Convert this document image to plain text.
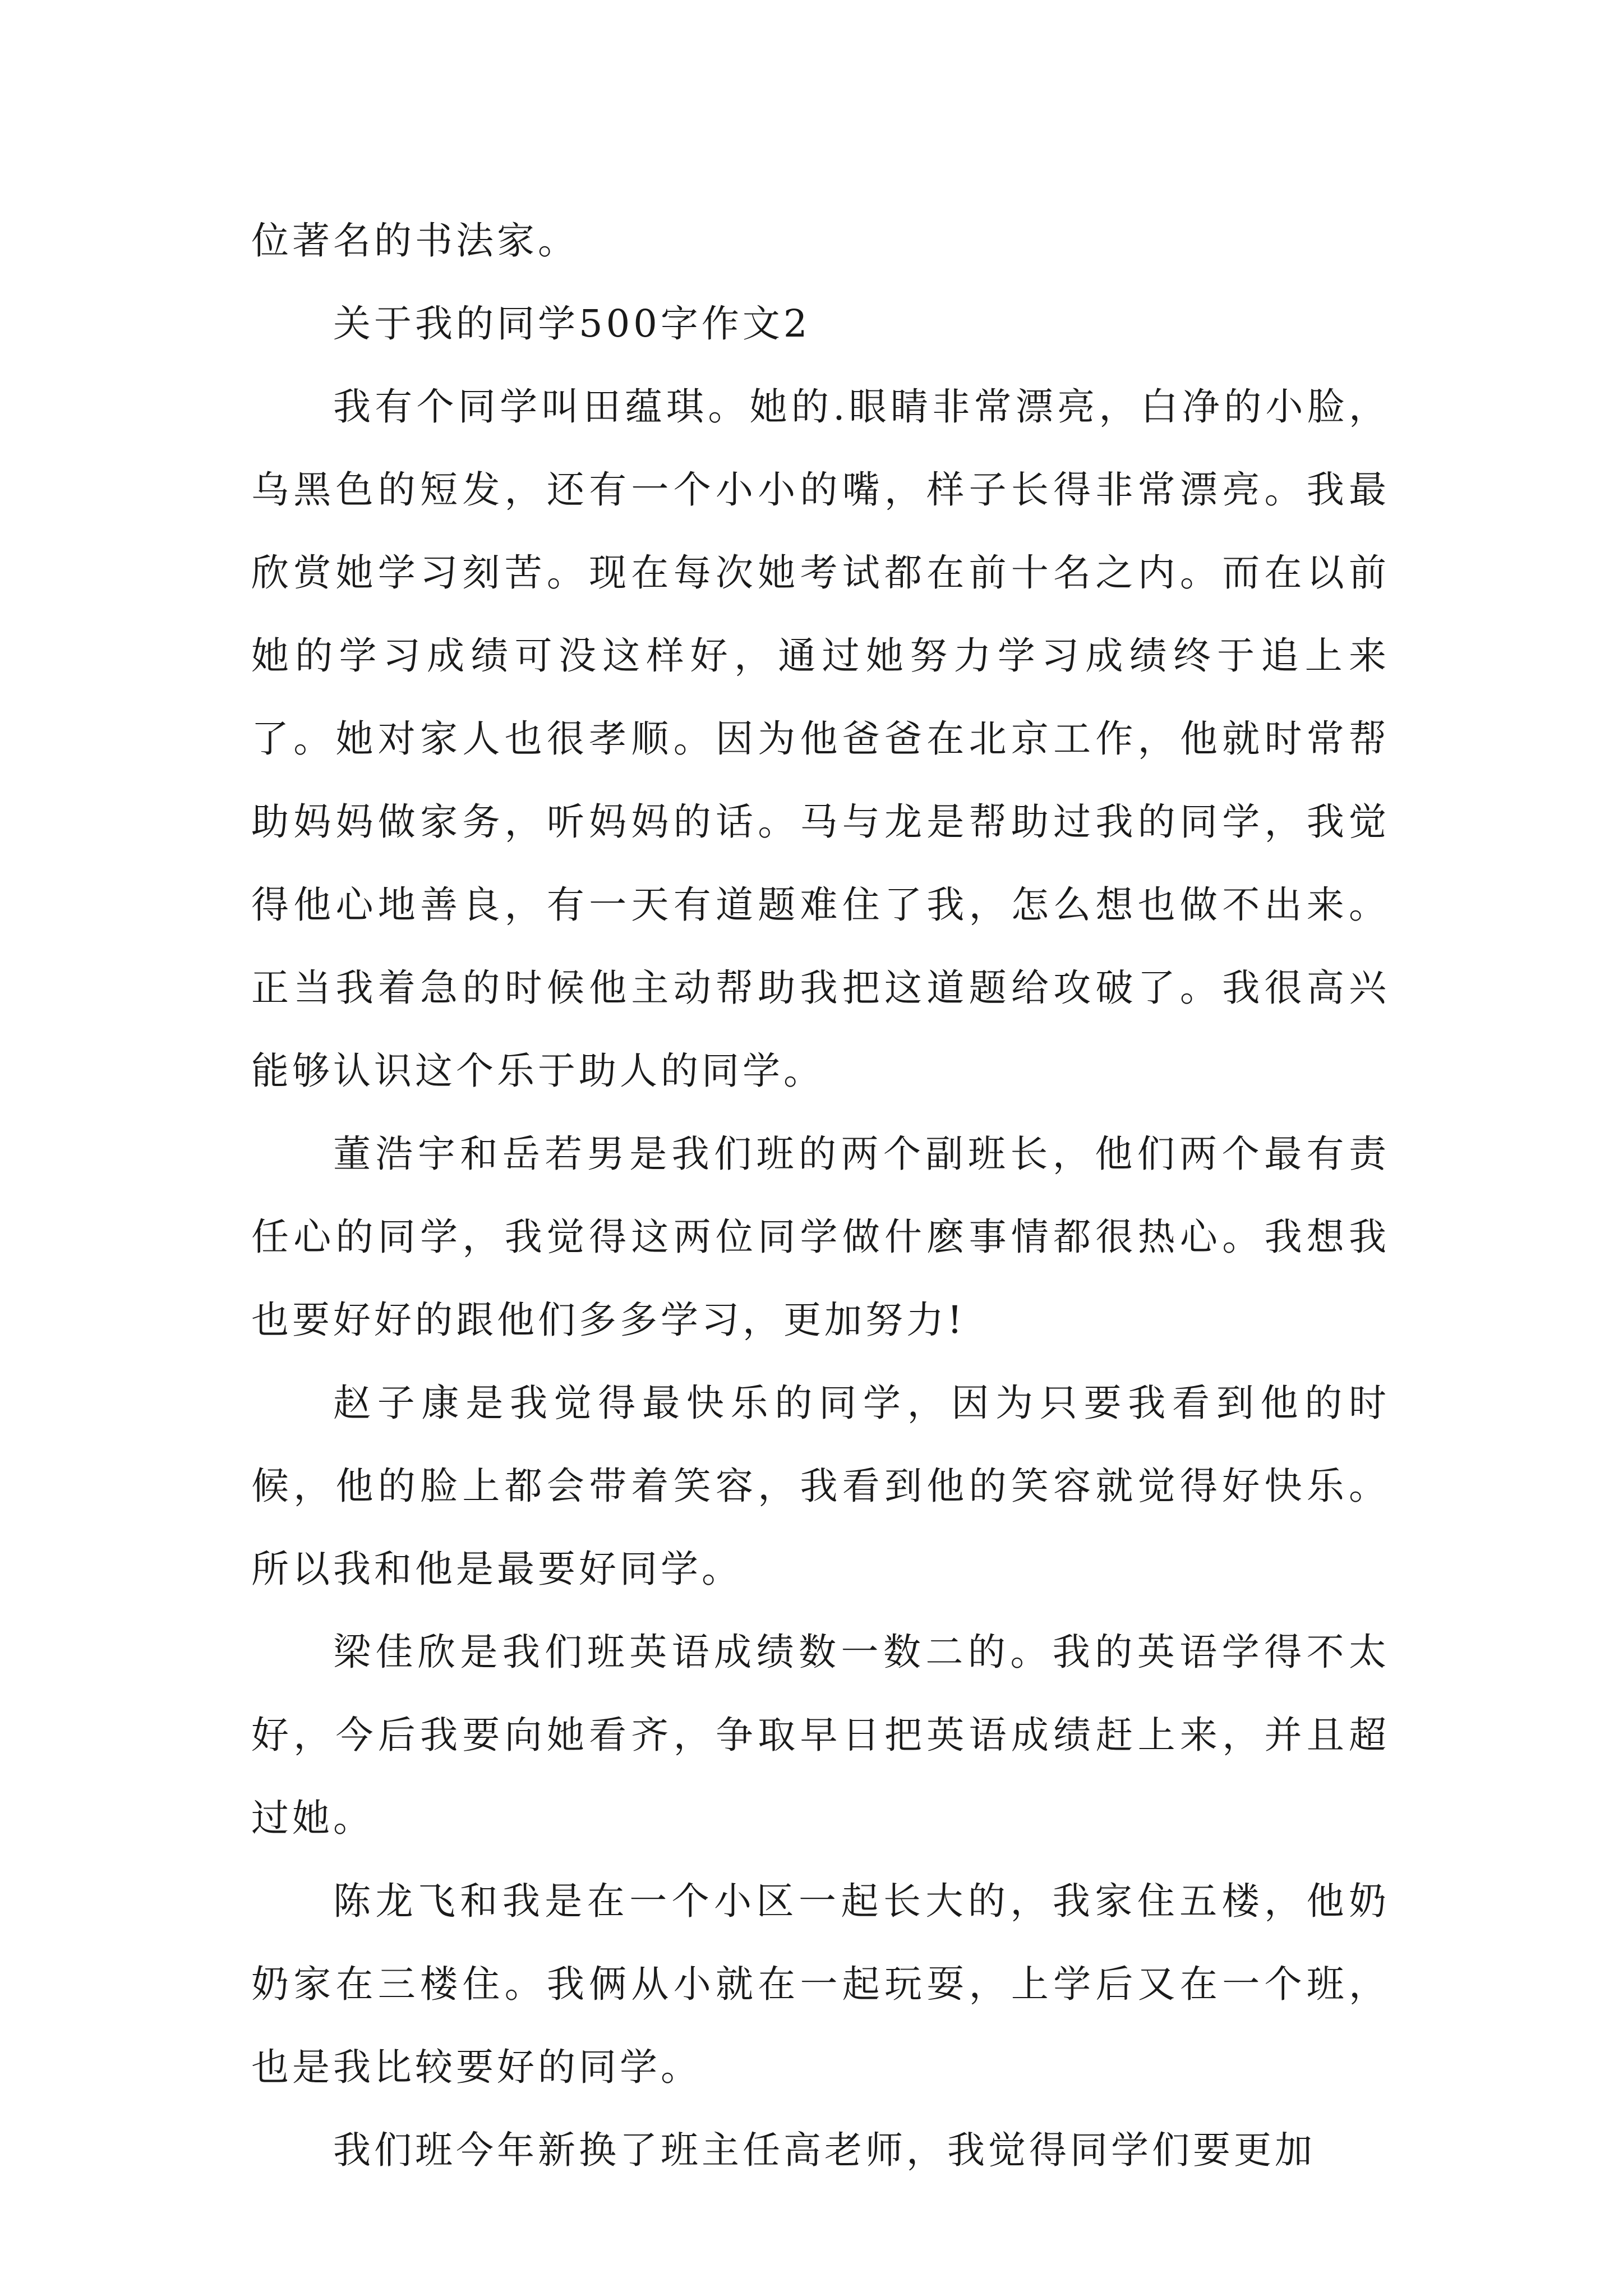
位著名的书法家。

关于我的同学500字作文2

我有个同学叫田蕴琪。她的.眼睛非常漂亮，白净的小脸，乌黑色的短发，还有一个小小的嘴，样子长得非常漂亮。我最欣赏她学习刻苦。现在每次她考试都在前十名之内。而在以前她的学习成绩可没这样好，通过她努力学习成绩终于追上来了。她对家人也很孝顺。因为他爸爸在北京工作，他就时常帮助妈妈做家务，听妈妈的话。马与龙是帮助过我的同学，我觉得他心地善良，有一天有道题难住了我，怎么想也做不出来。正当我着急的时候他主动帮助我把这道题给攻破了。我很高兴能够认识这个乐于助人的同学。

董浩宇和岳若男是我们班的两个副班长，他们两个最有责任心的同学，我觉得这两位同学做什麽事情都很热心。我想我也要好好的跟他们多多学习，更加努力!

赵子康是我觉得最快乐的同学，因为只要我看到他的时候，他的脸上都会带着笑容，我看到他的笑容就觉得好快乐。所以我和他是最要好同学。

梁佳欣是我们班英语成绩数一数二的。我的英语学得不太好，今后我要向她看齐，争取早日把英语成绩赶上来，并且超过她。

陈龙飞和我是在一个小区一起长大的，我家住五楼，他奶奶家在三楼住。我俩从小就在一起玩耍，上学后又在一个班，也是我比较要好的同学。

我们班今年新换了班主任高老师，我觉得同学们要更加
